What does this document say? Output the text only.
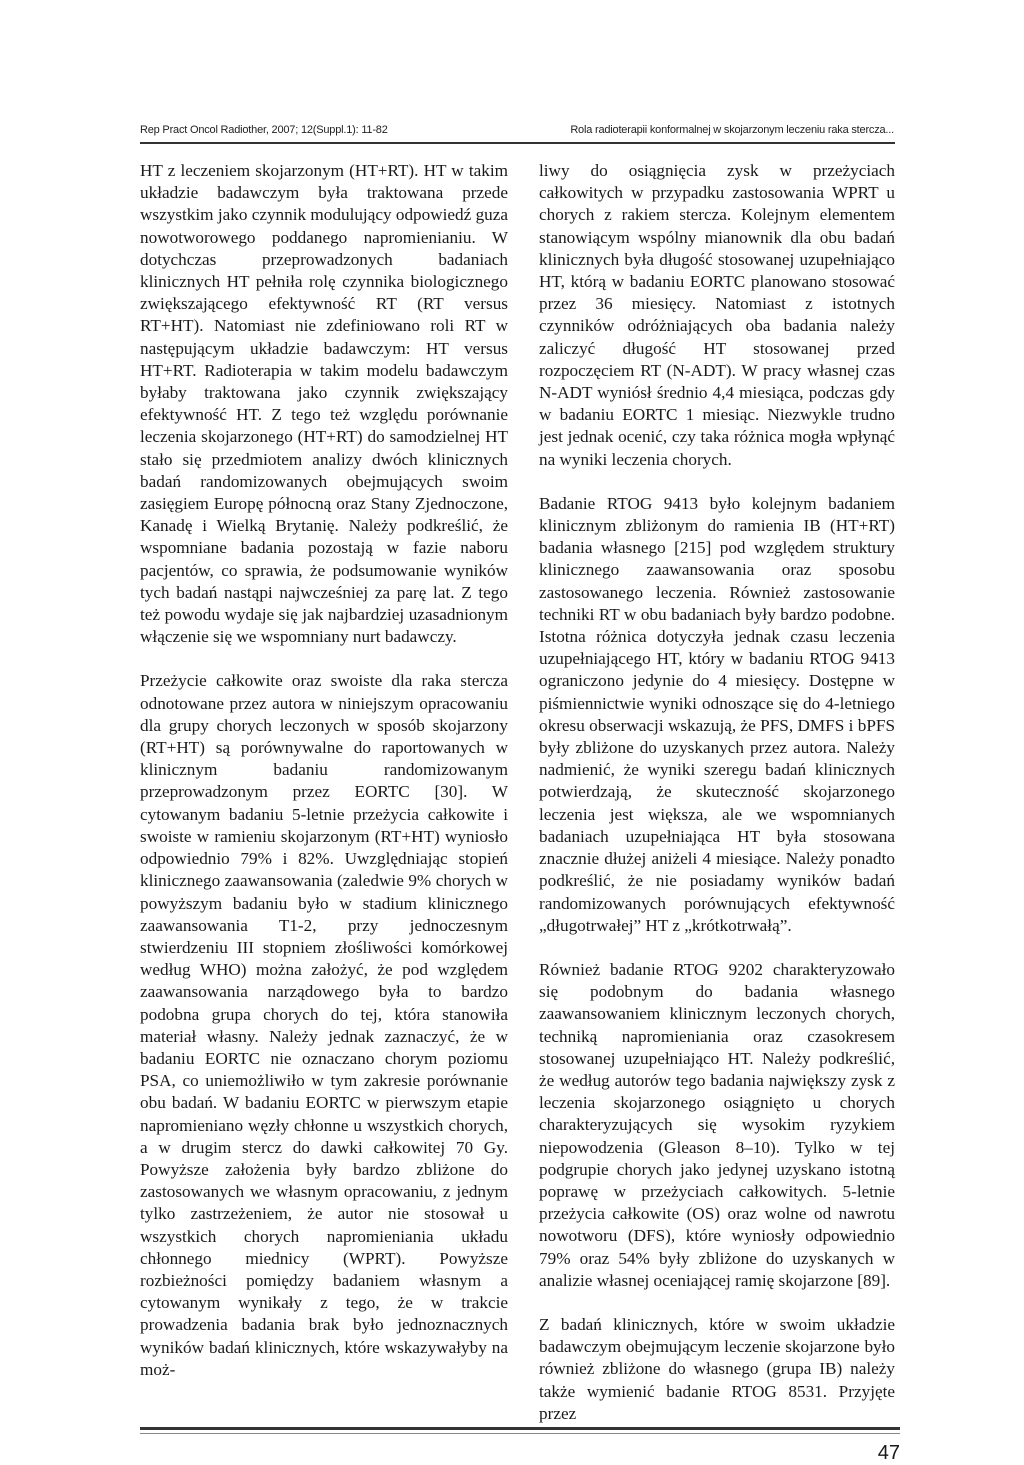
Rep Pract Oncol Radiother, 2007; 12(Suppl.1): 11-82	Rola radioterapii konformalnej w skojarzonym leczeniu raka stercza...

HT z leczeniem skojarzonym (HT+RT). HT w takim układzie badawczym była traktowana przede wszystkim jako czynnik modulujący odpowiedź guza nowotworowego poddanego napromienianiu. W dotychczas przeprowadzonych badaniach klinicznych HT pełniła rolę czynnika biologicznego zwiększającego efektywność RT (RT versus RT+HT). Natomiast nie zdefiniowano roli RT w następującym układzie badawczym: HT versus HT+RT. Radioterapia w takim modelu badawczym byłaby traktowana jako czynnik zwiększający efektywność HT. Z tego też względu porównanie leczenia skojarzonego (HT+RT) do samodzielnej HT stało się przedmiotem analizy dwóch klinicznych badań randomizowanych obejmujących swoim zasięgiem Europę północną oraz Stany Zjednoczone, Kanadę i Wielką Brytanię. Należy podkreślić, że wspomniane badania pozostają w fazie naboru pacjentów, co sprawia, że podsumowanie wyników tych badań nastąpi najwcześniej za parę lat. Z tego też powodu wydaje się jak najbardziej uzasadnionym włączenie się we wspomniany nurt badawczy.

Przeżycie całkowite oraz swoiste dla raka stercza odnotowane przez autora w niniejszym opracowaniu dla grupy chorych leczonych w sposób skojarzony (RT+HT) są porównywalne do raportowanych w klinicznym badaniu randomizowanym przeprowadzonym przez EORTC [30]. W cytowanym badaniu 5-letnie przeżycia całkowite i swoiste w ramieniu skojarzonym (RT+HT) wyniosło odpowiednio 79% i 82%. Uwzględniając stopień klinicznego zaawansowania (zaledwie 9% chorych w powyższym badaniu było w stadium klinicznego zaawansowania T1-2, przy jednoczesnym stwierdzeniu III stopniem złośliwości komórkowej według WHO) można założyć, że pod względem zaawansowania narządowego była to bardzo podobna grupa chorych do tej, która stanowiła materiał własny. Należy jednak zaznaczyć, że w badaniu EORTC nie oznaczano chorym poziomu PSA, co uniemożliwiło w tym zakresie porównanie obu badań. W badaniu EORTC w pierwszym etapie napromieniano węzły chłonne u wszystkich chorych, a w drugim stercz do dawki całkowitej 70 Gy. Powyższe założenia były bardzo zbliżone do zastosowanych we własnym opracowaniu, z jednym tylko zastrzeżeniem, że autor nie stosował u wszystkich chorych napromieniania układu chłonnego miednicy (WPRT). Powyższe rozbieżności pomiędzy badaniem własnym a cytowanym wynikały z tego, że w trakcie prowadzenia badania brak było jednoznacznych wyników badań klinicznych, które wskazywałyby na moż-

liwy do osiągnięcia zysk w przeżyciach całkowitych w przypadku zastosowania WPRT u chorych z rakiem stercza. Kolejnym elementem stanowiącym wspólny mianownik dla obu badań klinicznych była długość stosowanej uzupełniająco HT, którą w badaniu EORTC planowano stosować przez 36 miesięcy. Natomiast z istotnych czynników odróżniających oba badania należy zaliczyć długość HT stosowanej przed rozpoczęciem RT (N-ADT). W pracy własnej czas N-ADT wyniósł średnio 4,4 miesiąca, podczas gdy w badaniu EORTC 1 miesiąc. Niezwykle trudno jest jednak ocenić, czy taka różnica mogła wpłynąć na wyniki leczenia chorych.

Badanie RTOG 9413 było kolejnym badaniem klinicznym zbliżonym do ramienia IB (HT+RT) badania własnego [215] pod względem struktury klinicznego zaawansowania oraz sposobu zastosowanego leczenia. Również zastosowanie techniki RT w obu badaniach były bardzo podobne. Istotna różnica dotyczyła jednak czasu leczenia uzupełniającego HT, który w badaniu RTOG 9413 ograniczono jedynie do 4 miesięcy. Dostępne w piśmiennictwie wyniki odnoszące się do 4-letniego okresu obserwacji wskazują, że PFS, DMFS i bPFS były zbliżone do uzyskanych przez autora. Należy nadmienić, że wyniki szeregu badań klinicznych potwierdzają, że skuteczność skojarzonego leczenia jest większa, ale we wspomnianych badaniach uzupełniająca HT była stosowana znacznie dłużej aniżeli 4 miesiące. Należy ponadto podkreślić, że nie posiadamy wyników badań randomizowanych porównujących efektywność „długotrwałej” HT z „krótkotrwałą”.

Również badanie RTOG 9202 charakteryzowało się podobnym do badania własnego zaawansowaniem klinicznym leczonych chorych, techniką napromieniania oraz czasokresem stosowanej uzupełniająco HT. Należy podkreślić, że według autorów tego badania największy zysk z leczenia skojarzonego osiągnięto u chorych charakteryzujących się wysokim ryzykiem niepowodzenia (Gleason 8–10). Tylko w tej podgrupie chorych jako jedynej uzyskano istotną poprawę w przeżyciach całkowitych. 5-letnie przeżycia całkowite (OS) oraz wolne od nawrotu nowotworu (DFS), które wyniosły odpowiednio 79% oraz 54% były zbliżone do uzyskanych w analizie własnej oceniającej ramię skojarzone [89].

Z badań klinicznych, które w swoim układzie badawczym obejmującym leczenie skojarzone było również zbliżone do własnego (grupa IB) należy także wymienić badanie RTOG 8531. Przyjęte przez

47
